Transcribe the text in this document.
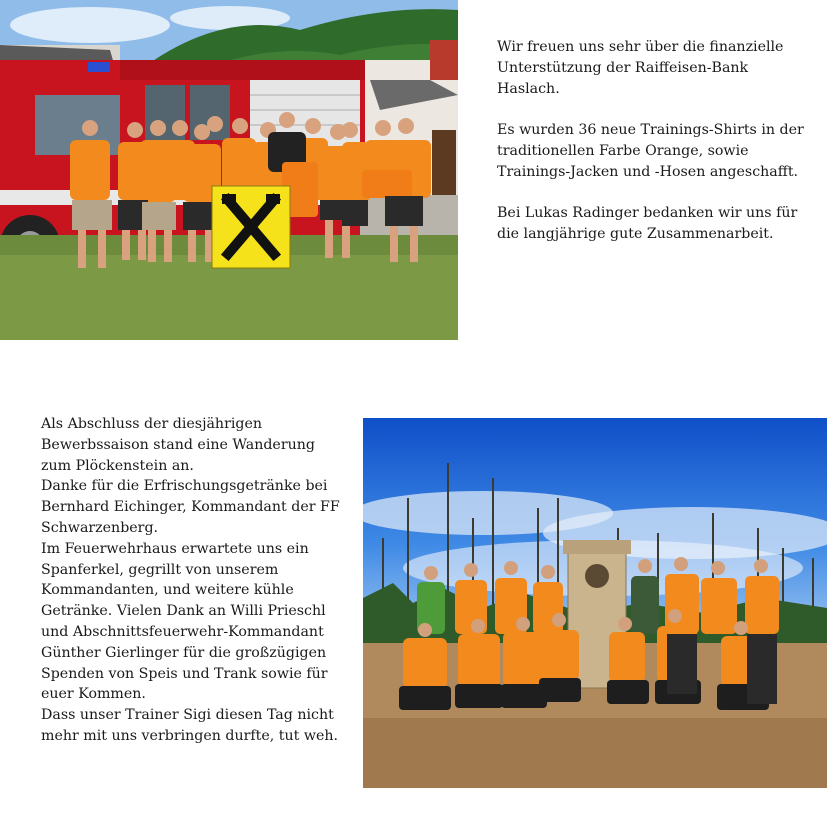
Wir freuen uns sehr über die finanzielle Unterstützung der Raiffeisen-Bank Haslach.

Es wurden 36 neue Trainings-Shirts in der traditionellen Farbe Orange, sowie Trainings-Jacken und -Hosen angeschafft.

Bei Lukas Radinger bedanken wir uns für die langjährige gute Zusammenarbeit.

Als Abschluss der diesjährigen Bewerbssaison stand eine Wanderung zum Plöckenstein an.

Danke für die Erfrischungsgetränke bei Bernhard Eichinger, Kommandant der FF Schwarzenberg.

Im Feuerwehrhaus erwartete uns ein Spanferkel, gegrillt von unserem Kommandanten, und weitere kühle Getränke. Vielen Dank an Willi Prieschl und Abschnittsfeuerwehr-Kommandant Günther Gierlinger für die großzügigen Spenden von Speis und Trank sowie für euer Kommen.

Dass unser Trainer Sigi diesen Tag nicht mehr mit uns verbringen durfte, tut weh.
